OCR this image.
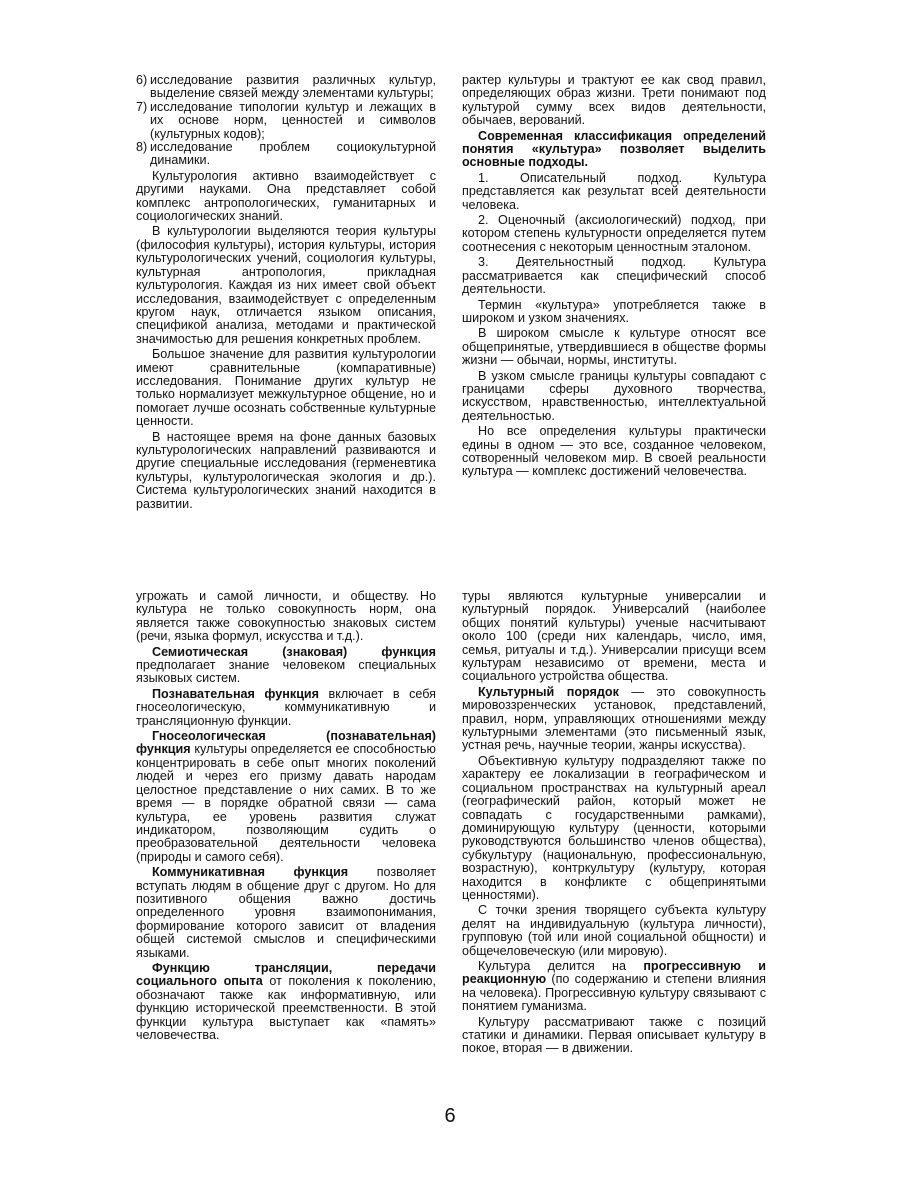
6) исследование развития различных культур, выделение связей между элементами культуры;

7) исследование типологии культур и лежащих в их основе норм, ценностей и символов (культурных кодов);

8) исследование проблем социокультурной динамики.

Культурология активно взаимодействует с другими науками. Она представляет собой комплекс антропологических, гуманитарных и социологических знаний.

В культурологии выделяются теория культуры (философия культуры), история культуры, история культурологических учений, социология культуры, культурная антропология, прикладная культурология. Каждая из них имеет свой объект исследования, взаимодействует с определенным кругом наук, отличается языком описания, спецификой анализа, методами и практической значимостью для решения конкретных проблем.

Большое значение для развития культурологии имеют сравнительные (компаративные) исследования. Понимание других культур не только нормализует межкультурное общение, но и помогает лучше осознать собственные культурные ценности.

В настоящее время на фоне данных базовых культурологических направлений развиваются и другие специальные исследования (герменевтика культуры, культурологическая экология и др.). Система культурологических знаний находится в развитии.

рактер культуры и трактуют ее как свод правил, определяющих образ жизни. Трети понимают под культурой сумму всех видов деятельности, обычаев, верований.

Современная классификация определений понятия «культура» позволяет выделить основные подходы.

1. Описательный подход. Культура представляется как результат всей деятельности человека.

2. Оценочный (аксиологический) подход, при котором степень культурности определяется путем соотнесения с некоторым ценностным эталоном.

3. Деятельностный подход. Культура рассматривается как специфический способ деятельности.

Термин «культура» употребляется также в широком и узком значениях.

В широком смысле к культуре относят все общепринятые, утвердившиеся в обществе формы жизни — обычаи, нормы, институты.

В узком смысле границы культуры совпадают с границами сферы духовного творчества, искусством, нравственностью, интеллектуальной деятельностью.

Но все определения культуры практически едины в одном — это все, созданное человеком, сотворенный человеком мир. В своей реальности культура — комплекс достижений человечества.

угрожать и самой личности, и обществу. Но культура не только совокупность норм, она является также совокупностью знаковых систем (речи, языка формул, искусства и т.д.).

Семиотическая (знаковая) функция предполагает знание человеком специальных языковых систем.

Познавательная функция включает в себя гносеологическую, коммуникативную и трансляционную функции.

Гносеологическая (познавательная) функция культуры определяется ее способностью концентрировать в себе опыт многих поколений людей и через его призму давать народам целостное представление о них самих. В то же время — в порядке обратной связи — сама культура, ее уровень развития служат индикатором, позволяющим судить о преобразовательной деятельности человека (природы и самого себя).

Коммуникативная функция позволяет вступать людям в общение друг с другом. Но для позитивного общения важно достичь определенного уровня взаимопонимания, формирование которого зависит от владения общей системой смыслов и специфическими языками.

Функцию трансляции, передачи социального опыта от поколения к поколению, обозначают также как информативную, или функцию исторической преемственности. В этой функции культура выступает как «память» человечества.

туры являются культурные универсалии и культурный порядок. Универсалий (наиболее общих понятий культуры) ученые насчитывают около 100 (среди них календарь, число, имя, семья, ритуалы и т.д.). Универсалии присущи всем культурам независимо от времени, места и социального устройства общества.

Культурный порядок — это совокупность мировоззренческих установок, представлений, правил, норм, управляющих отношениями между культурными элементами (это письменный язык, устная речь, научные теории, жанры искусства).

Объективную культуру подразделяют также по характеру ее локализации в географическом и социальном пространствах на культурный ареал (географический район, который может не совпадать с государственными рамками), доминирующую культуру (ценности, которыми руководствуются большинство членов общества), субкультуру (национальную, профессиональную, возрастную), контркультуру (культуру, которая находится в конфликте с общепринятыми ценностями).

С точки зрения творящего субъекта культуру делят на индивидуальную (культура личности), групповую (той или иной социальной общности) и общечеловеческую (или мировую).

Культура делится на прогрессивную и реакционную (по содержанию и степени влияния на человека). Прогрессивную культуру связывают с понятием гуманизма.

Культуру рассматривают также с позиций статики и динамики. Первая описывает культуру в покое, вторая — в движении.

6
